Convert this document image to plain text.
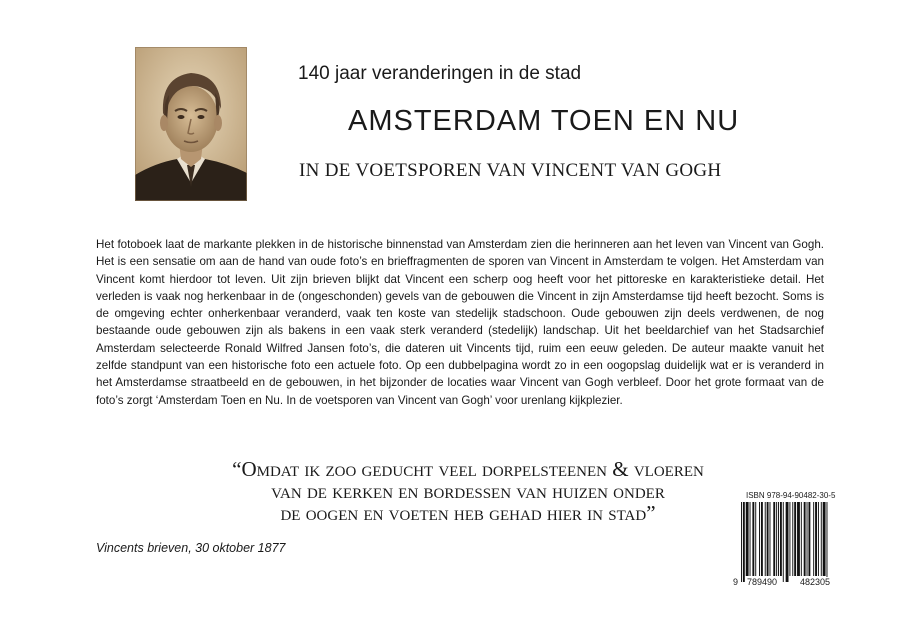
140 jaar veranderingen in de stad
AMSTERDAM TOEN EN NU
IN DE VOETSPOREN VAN VINCENT VAN GOGH

Het fotoboek laat de markante plekken in de historische binnenstad van Amsterdam zien die herinneren aan het leven van Vincent van Gogh. Het is een sensatie om aan de hand van oude foto’s en brieffragmenten de sporen van Vincent in Amsterdam te volgen. Het Amsterdam van Vincent komt hierdoor tot leven. Uit zijn brieven blijkt dat Vincent een scherp oog heeft voor het pittoreske en karakteristieke detail. Het verleden is vaak nog herkenbaar in de (ongeschonden) gevels van de gebouwen die Vincent in zijn Amsterdamse tijd heeft bezocht. Soms is de omgeving echter onherkenbaar veranderd, vaak ten koste van stedelijk stadschoon. Oude gebouwen zijn deels verdwenen, de nog bestaande oude gebouwen zijn als bakens in een vaak sterk veranderd (stedelijk) landschap. Uit het beeldarchief van het Stadsarchief Amsterdam selecteerde Ronald Wilfred Jansen foto’s, die dateren uit Vincents tijd, ruim een eeuw geleden. De auteur maakte vanuit het zelfde standpunt van een historische foto een actuele foto. Op een dubbelpagina wordt zo in een oogopslag duidelijk wat er is veranderd in het Amsterdamse straatbeeld en de gebouwen, in het bijzonder de locaties waar Vincent van Gogh verbleef. Door het grote formaat van de foto’s zorgt ‘Amsterdam Toen en Nu. In de voetsporen van Vincent van Gogh’ voor urenlang kijkplezier.

“Omdat ik zoo geducht veel dorpelsteenen & vloeren
van de kerken en bordessen van huizen onder
de oogen en voeten heb gehad hier in stad”
Vincents brieven, 30 oktober 1877
ISBN 978-94-90482-30-5
9 789490	482305
